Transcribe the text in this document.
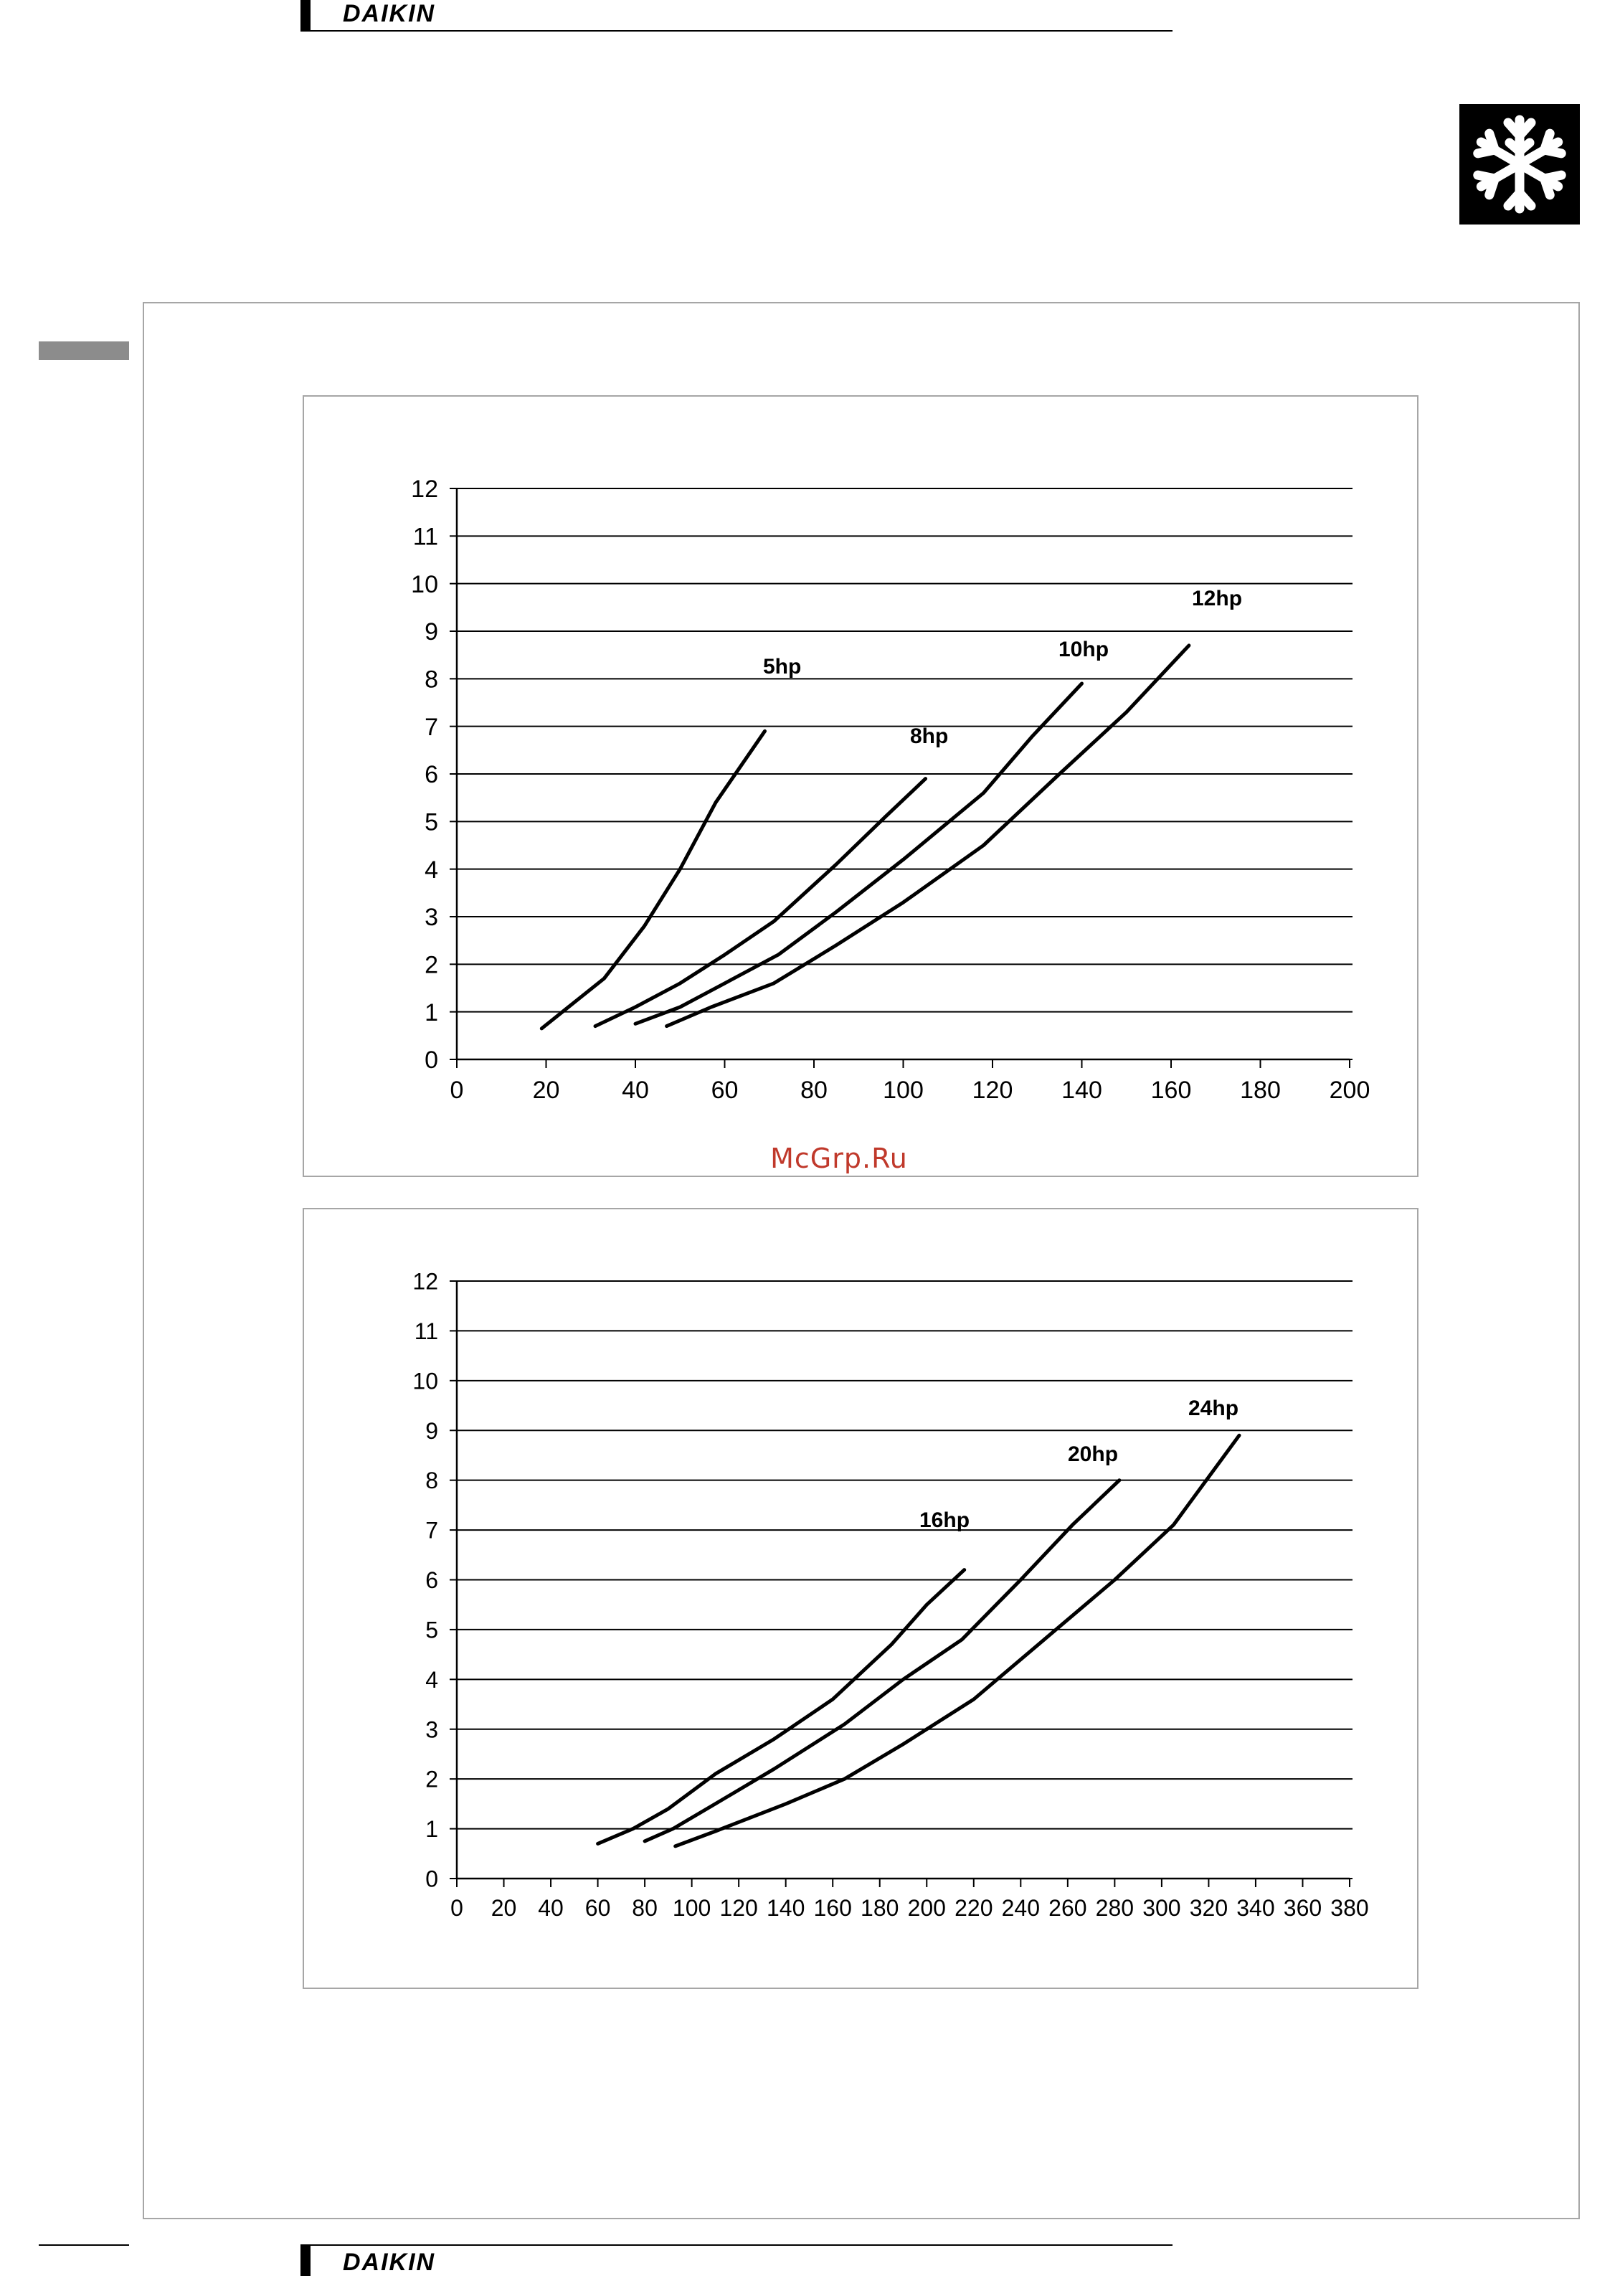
DAIKIN
0
1
2
3
4
5
6
7
8
9
10
11
12
0	20	40	60	80 100 120 140 160 180 200
5hp
8hp
10hp
12hp
McGrp.Ru
0
1
2
3
4
5
6
7
8
9
10
11
12
0 20 40 60 80 100 120 140 160 180 200 220 240 260 280 300 320 340 360 380
16hp
20hp
24hp
DAIKIN
